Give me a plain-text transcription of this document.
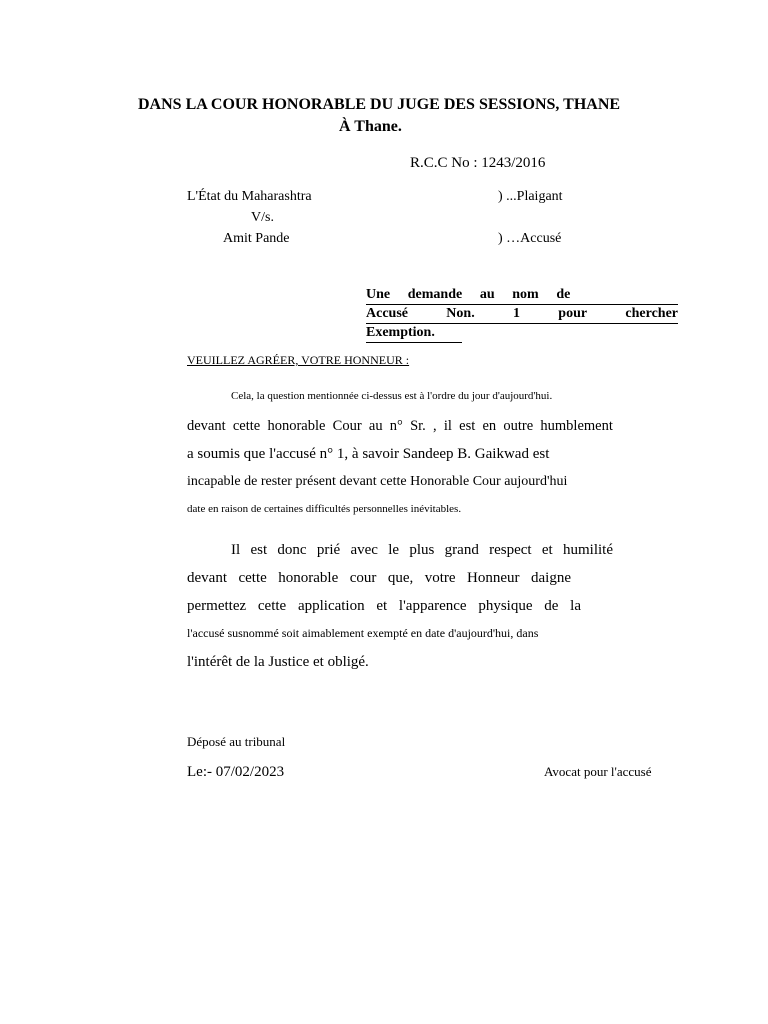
DANS LA COUR HONORABLE DU JUGE DES SESSIONS, THANE
À Thane.
R.C.C No : 1243/2016
L'État du Maharashtra	) ...Plaigant
V/s.
Amit Pande	) …Accusé
Une demande au nom de
Accusé	Non.	1	pour	chercher
Exemption.
VEUILLEZ AGRÉER, VOTRE HONNEUR :
Cela, la question mentionnée ci-dessus est à l'ordre du jour d'aujourd'hui.
devant cette honorable Cour au n° Sr. , il est en outre humblement
a soumis que l'accusé n° 1, à savoir Sandeep B. Gaikwad est
incapable de rester présent devant cette Honorable Cour aujourd'hui
date en raison de certaines difficultés personnelles inévitables.
Il est donc prié avec le plus grand respect et humilité
devant cette honorable cour que, votre Honneur daigne
permettez cette application et l'apparence physique de la
l'accusé susnommé soit aimablement exempté en date d'aujourd'hui, dans
l'intérêt de la Justice et obligé.
Déposé au tribunal
Le:- 07/02/2023	Avocat pour l'accusé
